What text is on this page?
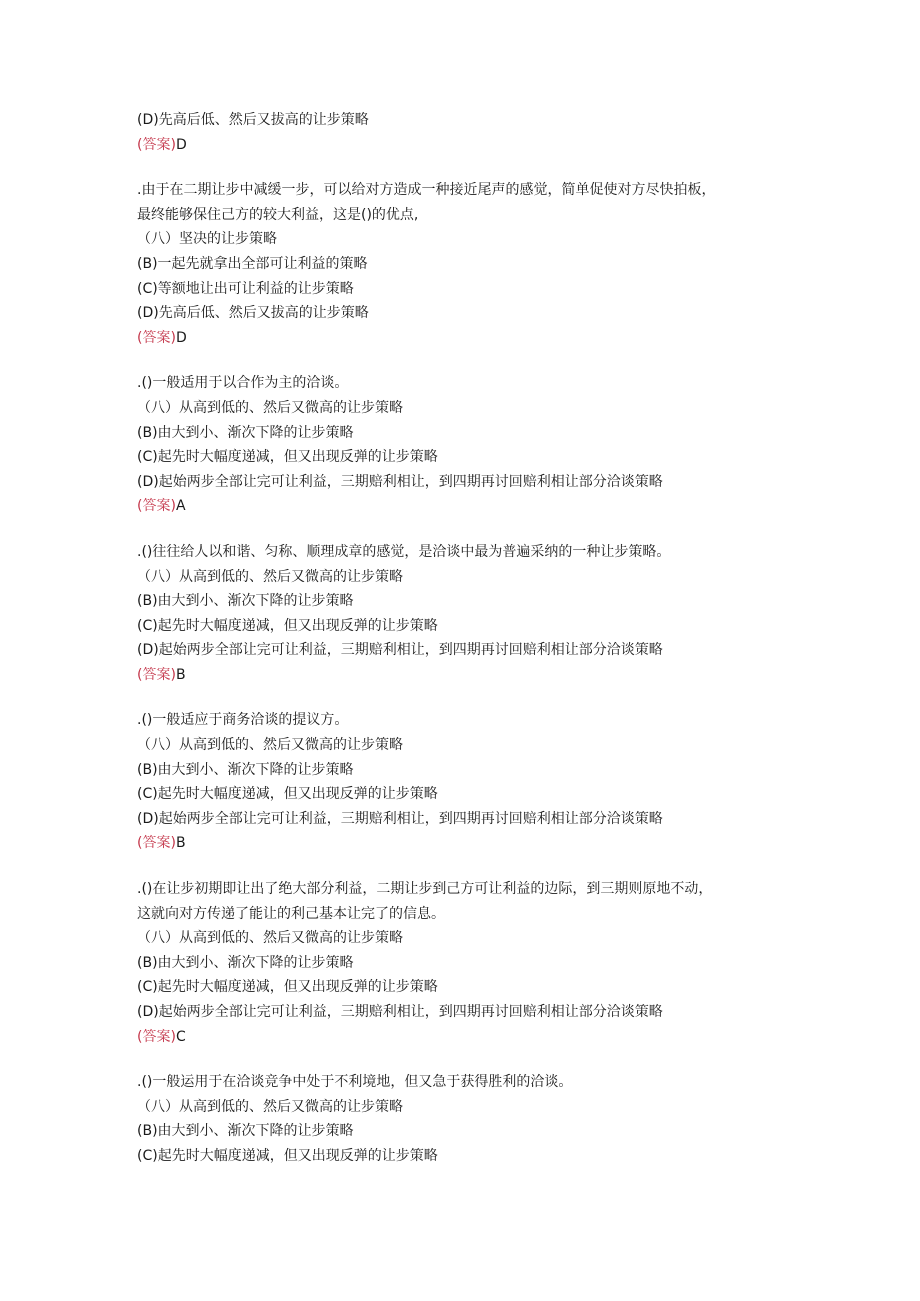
(D)先高后低、然后又拔高的让步策略
(答案)D
.由于在二期让步中减缓一步，可以给对方造成一种接近尾声的感觉，简单促使对方尽快拍板，
最终能够保住己方的较大利益，这是()的优点,
（八）坚决的让步策略
(B)一起先就拿出全部可让利益的策略
(C)等额地让出可让利益的让步策略
(D)先高后低、然后又拔高的让步策略
(答案)D
.()一般适用于以合作为主的洽谈。
（八）从高到低的、然后又微高的让步策略
(B)由大到小、渐次下降的让步策略
(C)起先时大幅度递减，但又出现反弹的让步策略
(D)起始两步全部让完可让利益，三期赔利相让，到四期再讨回赔利相让部分洽谈策略
(答案)A
.()往往给人以和谐、匀称、顺理成章的感觉，是洽谈中最为普遍采纳的一种让步策略。
（八）从高到低的、然后又微高的让步策略
(B)由大到小、渐次下降的让步策略
(C)起先时大幅度递减，但又出现反弹的让步策略
(D)起始两步全部让完可让利益，三期赔利相让，到四期再讨回赔利相让部分洽谈策略
(答案)B
.()一般适应于商务洽谈的提议方。
（八）从高到低的、然后又微高的让步策略
(B)由大到小、渐次下降的让步策略
(C)起先时大幅度递减，但又出现反弹的让步策略
(D)起始两步全部让完可让利益，三期赔利相让，到四期再讨回赔利相让部分洽谈策略
(答案)B
.()在让步初期即让出了绝大部分利益，二期让步到己方可让利益的边际，到三期则原地不动，
这就向对方传递了能让的利己基本让完了的信息。
（八）从高到低的、然后又微高的让步策略
(B)由大到小、渐次下降的让步策略
(C)起先时大幅度递减，但又出现反弹的让步策略
(D)起始两步全部让完可让利益，三期赔利相让，到四期再讨回赔利相让部分洽谈策略
(答案)C
.()一般运用于在洽谈竞争中处于不利境地，但又急于获得胜利的洽谈。
（八）从高到低的、然后又微高的让步策略
(B)由大到小、渐次下降的让步策略
(C)起先时大幅度递减，但又出现反弹的让步策略
